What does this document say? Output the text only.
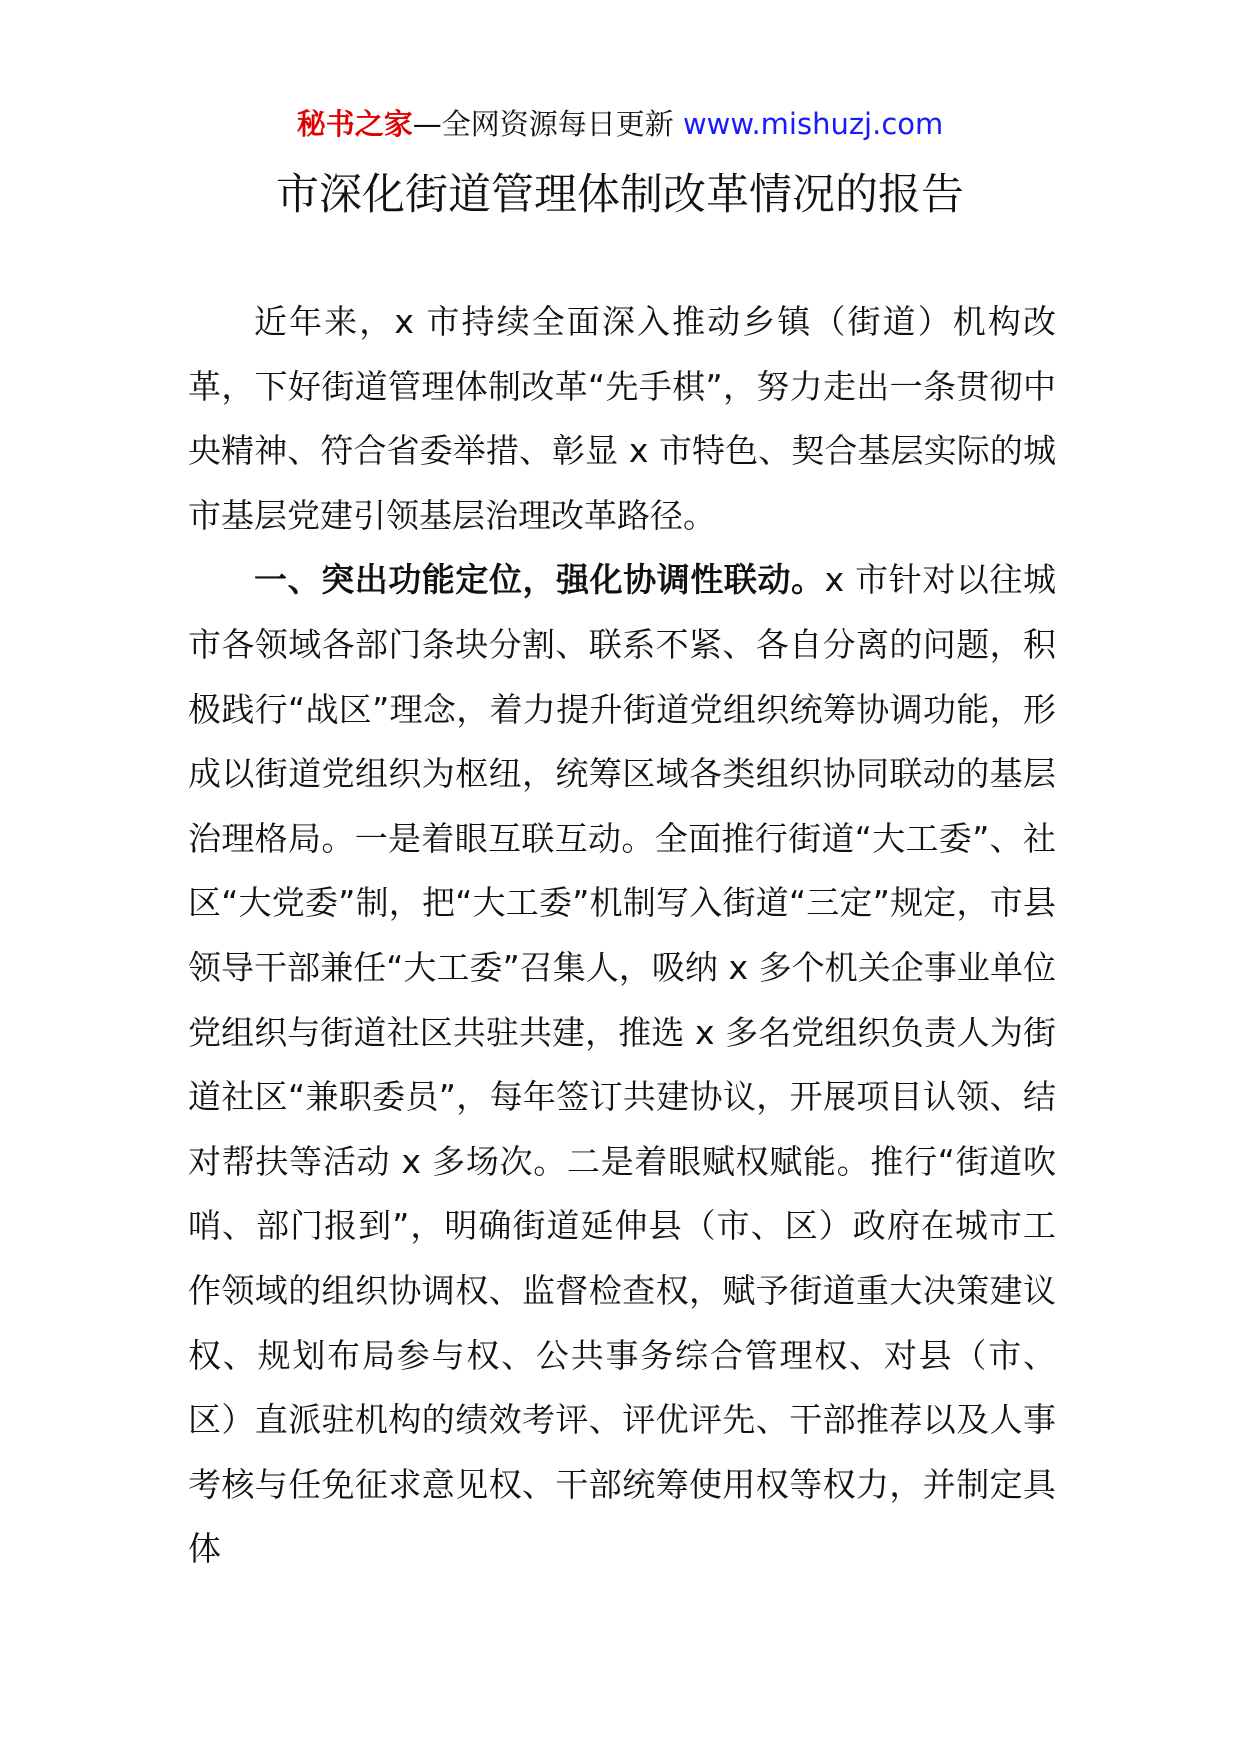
秘书之家—全网资源每日更新 www.mishuzj.com
市深化街道管理体制改革情况的报告

近年来，x 市持续全面深入推动乡镇（街道）机构改革，下好街道管理体制改革“先手棋”，努力走出一条贯彻中央精神、符合省委举措、彰显 x 市特色、契合基层实际的城市基层党建引领基层治理改革路径。

一、突出功能定位，强化协调性联动。x 市针对以往城市各领域各部门条块分割、联系不紧、各自分离的问题，积极践行“战区”理念，着力提升街道党组织统筹协调功能，形成以街道党组织为枢纽，统筹区域各类组织协同联动的基层治理格局。一是着眼互联互动。全面推行街道“大工委”、社区“大党委”制，把“大工委”机制写入街道“三定”规定，市县领导干部兼任“大工委”召集人，吸纳 x 多个机关企事业单位党组织与街道社区共驻共建，推选 x 多名党组织负责人为街道社区“兼职委员”，每年签订共建协议，开展项目认领、结对帮扶等活动 x 多场次。二是着眼赋权赋能。推行“街道吹哨、部门报到”，明确街道延伸县（市、区）政府在城市工作领域的组织协调权、监督检查权，赋予街道重大决策建议权、规划布局参与权、公共事务综合管理权、对县（市、区）直派驻机构的绩效考评、评优评先、干部推荐以及人事考核与任免征求意见权、干部统筹使用权等权力，并制定具体
